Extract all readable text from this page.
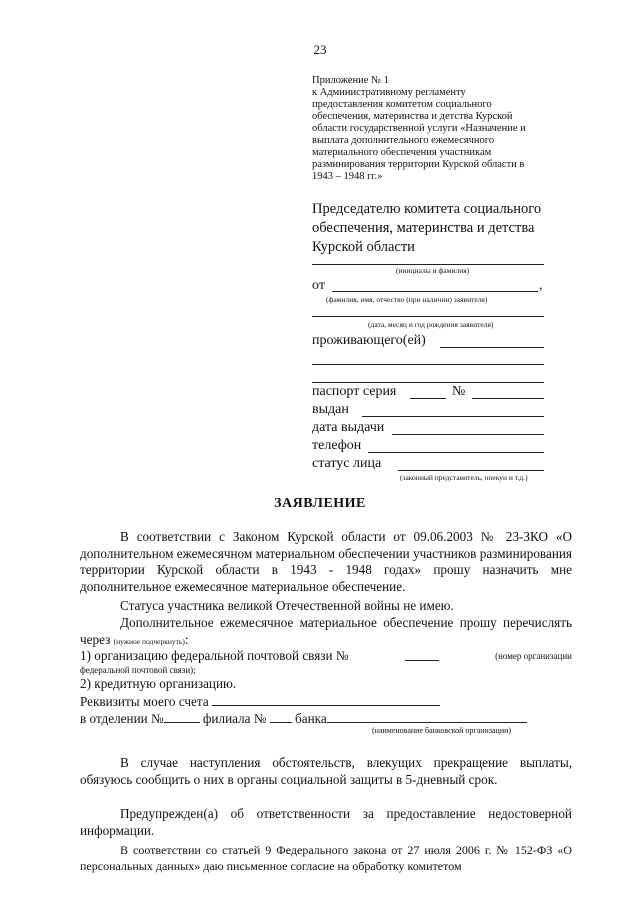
23
Приложение № 1
к Административному регламенту
предоставления комитетом социального
обеспечения, материнства и детства Курской
области государственной услуги «Назначение и
выплата дополнительного ежемесячного
материального обеспечения участникам
разминирования территории Курской области в
1943 – 1948 гг.»
Председателю комитета социального
обеспечения, материнства и детства
Курской области
(инициалы и фамилия)
от	,
(фамилия, имя, отчество (при наличии) заявителя)
(дата, месяц и год рождения заявителя)
проживающего(ей)
паспорт серия	№
выдан
дата выдачи
телефон
статус лица
(законный представитель, опекун и т.д.)
ЗАЯВЛЕНИЕ

В соответствии с Законом Курской области от 09.06.2003 № 23-ЗКО «О дополнительном ежемесячном материальном обеспечении участников разминирования территории Курской области в 1943 - 1948 годах» прошу назначить мне дополнительное ежемесячное материальное обеспечение.

Статуса участника великой Отечественной войны не имею.

Дополнительное ежемесячное материальное обеспечение прошу перечислять через (нужное подчеркнуть):

1) организацию федеральной почтовой связи №	(номер организации
федеральной почтовой связи);

2) кредитную организацию.

Реквизиты моего счета
в отделении №	филиала № банка
(наименование банковской организации)

В случае наступления обстоятельств, влекущих прекращение выплаты, обязуюсь сообщить о них в органы социальной защиты в 5-дневный срок.

Предупрежден(а) об ответственности за предоставление недостоверной информации.

В соответствии со статьей 9 Федерального закона от 27 июля 2006 г. № 152-ФЗ «О персональных данных» даю письменное согласие на обработку комитетом
